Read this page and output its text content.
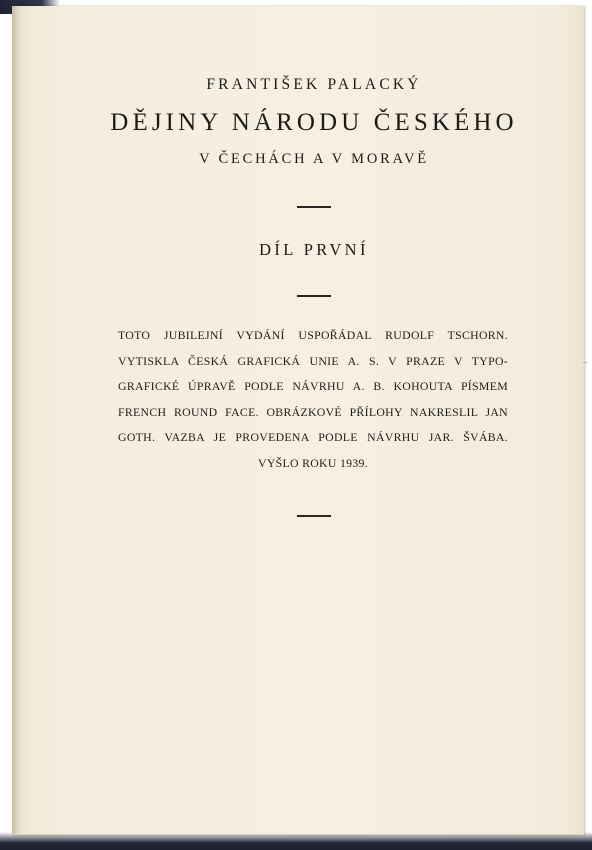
FRANTIŠEK PALACKÝ
DĚJINY NÁRODU ČESKÉHO
V ČECHÁCH A V MORAVĚ
DÍL PRVNÍ
TOTO JUBILEJNÍ VYDÁNÍ USPOŘÁDAL RUDOLF TSCHORN.
VYTISKLA ČESKÁ GRAFICKÁ UNIE A. S. V PRAZE V TYPO-
GRAFICKÉ ÚPRAVĚ PODLE NÁVRHU A. B. KOHOUTA PÍSMEM
FRENCH ROUND FACE. OBRÁZKOVÉ PŘÍLOHY NAKRESLIL JAN
GOTH. VAZBA JE PROVEDENA PODLE NÁVRHU JAR. ŠVÁBA.
VYŠLO ROKU 1939.
